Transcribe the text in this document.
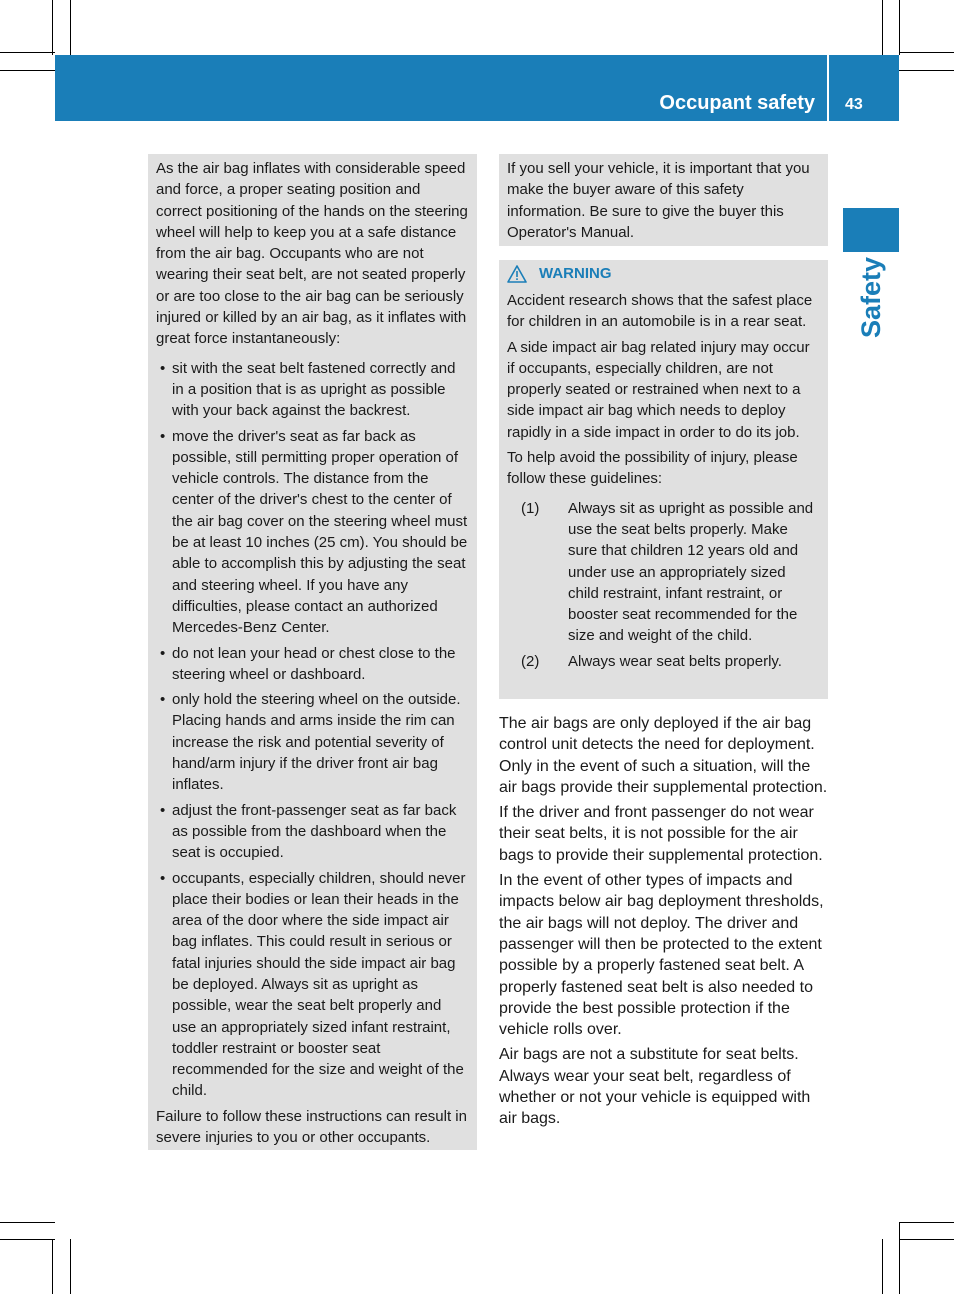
Occupant safety 43
Safety

As the air bag inflates with considerable speed and force, a proper seating position and correct positioning of the hands on the steering wheel will help to keep you at a safe distance from the air bag. Occupants who are not wearing their seat belt, are not seated properly or are too close to the air bag can be seriously injured or killed by an air bag, as it inflates with great force instantaneously:

• sit with the seat belt fastened correctly and in a position that is as upright as possible with your back against the backrest.
• move the driver's seat as far back as possible, still permitting proper operation of vehicle controls. The distance from the center of the driver's chest to the center of the air bag cover on the steering wheel must be at least 10 inches (25 cm). You should be able to accomplish this by adjusting the seat and steering wheel. If you have any difficulties, please contact an authorized Mercedes-Benz Center.
• do not lean your head or chest close to the steering wheel or dashboard.
• only hold the steering wheel on the outside. Placing hands and arms inside the rim can increase the risk and potential severity of hand/arm injury if the driver front air bag inflates.
• adjust the front-passenger seat as far back as possible from the dashboard when the seat is occupied.
• occupants, especially children, should never place their bodies or lean their heads in the area of the door where the side impact air bag inflates. This could result in serious or fatal injuries should the side impact air bag be deployed. Always sit as upright as possible, wear the seat belt properly and use an appropriately sized infant restraint, toddler restraint or booster seat recommended for the size and weight of the child.

Failure to follow these instructions can result in severe injuries to you or other occupants.

If you sell your vehicle, it is important that you make the buyer aware of this safety information. Be sure to give the buyer this Operator's Manual.

WARNING

Accident research shows that the safest place for children in an automobile is in a rear seat.

A side impact air bag related injury may occur if occupants, especially children, are not properly seated or restrained when next to a side impact air bag which needs to deploy rapidly in a side impact in order to do its job.

To help avoid the possibility of injury, please follow these guidelines:

(1)	Always sit as upright as possible and use the seat belts properly. Make sure that children 12 years old and under use an appropriately sized child restraint, infant restraint, or booster seat recommended for the size and weight of the child.
(2)	Always wear seat belts properly.

The air bags are only deployed if the air bag control unit detects the need for deployment. Only in the event of such a situation, will the air bags provide their supplemental protection.

If the driver and front passenger do not wear their seat belts, it is not possible for the air bags to provide their supplemental protection.

In the event of other types of impacts and impacts below air bag deployment thresholds, the air bags will not deploy. The driver and passenger will then be protected to the extent possible by a properly fastened seat belt. A properly fastened seat belt is also needed to provide the best possible protection if the vehicle rolls over.

Air bags are not a substitute for seat belts. Always wear your seat belt, regardless of whether or not your vehicle is equipped with air bags.
